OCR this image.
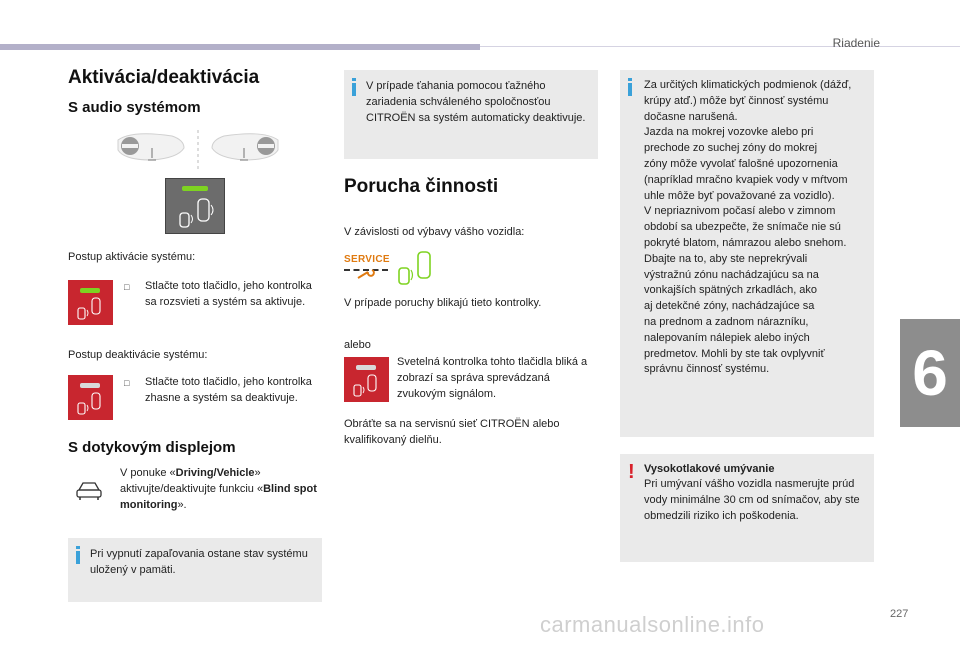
Riadenie
6
227
carmanualsonline.info
Aktivácia/deaktivácia
S audio systémom
Postup aktivácie systému:
□ Stlačte toto tlačidlo, jeho kontrolka sa rozsvieti a systém sa aktivuje.
Postup deaktivácie systému:
□ Stlačte toto tlačidlo, jeho kontrolka zhasne a systém sa deaktivuje.
S dotykovým displejom
V ponuke «Driving/Vehicle» aktivujte/deaktivujte funkciu «Blind spot monitoring».
Pri vypnutí zapaľovania ostane stav systému uložený v pamäti.
V prípade ťahania pomocou ťažného zariadenia schváleného spoločnosťou CITROËN sa systém automaticky deaktivuje.
Porucha činnosti
V závislosti od výbavy vášho vozidla:
SERVICE
V prípade poruchy blikajú tieto kontrolky.
alebo
Svetelná kontrolka tohto tlačidla bliká a zobrazí sa správa sprevádzaná zvukovým signálom.
Obráťte sa na servisnú sieť CITROËN alebo kvalifikovaný dielňu.
Za určitých klimatických podmienok (dážď,
krúpy atď.) môže byť činnosť systému
dočasne narušená.
Jazda na mokrej vozovke alebo pri
prechode zo suchej zóny do mokrej
zóny môže vyvolať falošné upozornenia
(napríklad mračno kvapiek vody v mŕtvom
uhle môže byť považované za vozidlo).
V nepriaznivom počasí alebo v zimnom
období sa ubezpečte, že snímače nie sú
pokryté blatom, námrazou alebo snehom.
Dbajte na to, aby ste neprekrývali
výstražnú zónu nachádzajúcu sa na
vonkajších spätných zrkadlách, ako
aj detekčné zóny, nachádzajúce sa
na prednom a zadnom nárazníku,
nalepovaním nálepiek alebo iných
predmetov. Mohli by ste tak ovplyvniť
správnu činnosť systému.
! Vysokotlakové umývanie
Pri umývaní vášho vozidla nasmerujte prúd vody minimálne 30 cm od snímačov, aby ste obmedzili riziko ich poškodenia.
